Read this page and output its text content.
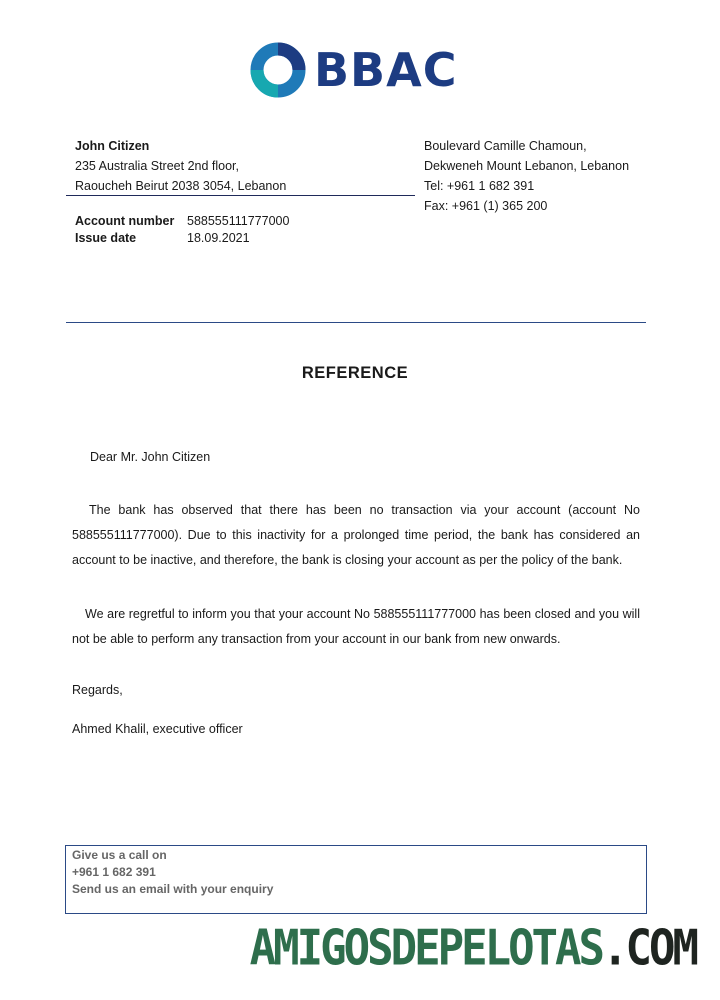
BBAC
John Citizen
235 Australia Street 2nd floor,
Raoucheh Beirut 2038 3054, Lebanon
Boulevard Camille Chamoun,
Dekweneh Mount Lebanon, Lebanon
Tel: +961 1 682 391
Fax: +961 (1) 365 200
Account number	588555111777000
Issue date	18.09.2021
REFERENCE
Dear Mr. John Citizen
The bank has observed that there has been no transaction via your account (account No 588555111777000). Due to this inactivity for a prolonged time period, the bank has considered an account to be inactive, and therefore, the bank is closing your account as per the policy of the bank.
We are regretful to inform you that your account No 588555111777000 has been closed and you will not be able to perform any transaction from your account in our bank from new onwards.
Regards,
Ahmed Khalil, executive officer
Give us a call on
+961 1 682 391
Send us an email with your enquiry
AMIGOSDEPELOTAS.COM
